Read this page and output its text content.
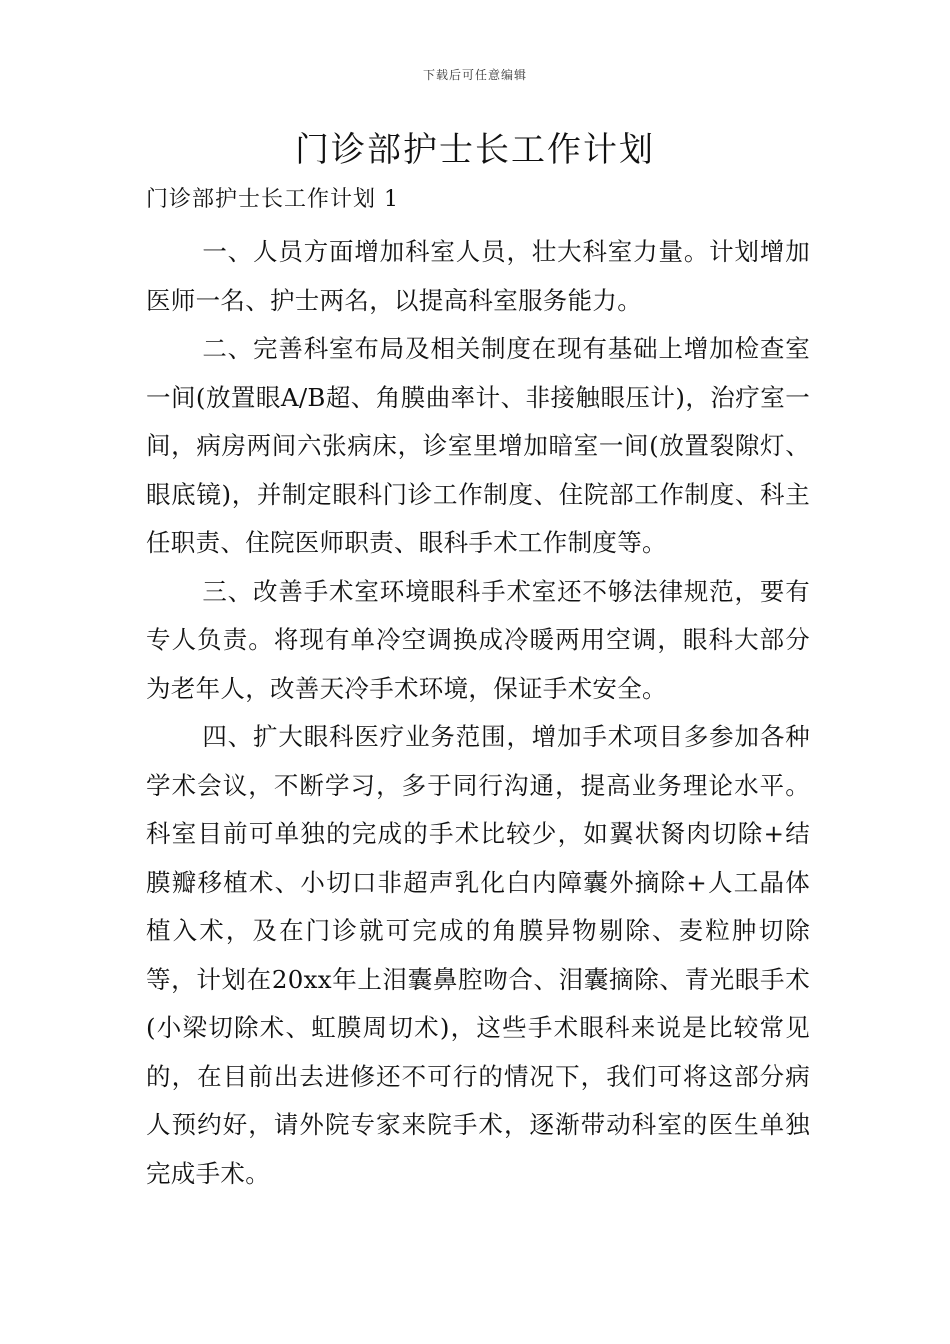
下载后可任意编辑
门诊部护士长工作计划
门诊部护士长工作计划 1

一、人员方面增加科室人员，壮大科室力量。计划增加医师一名、护士两名，以提高科室服务能力。

二、完善科室布局及相关制度在现有基础上增加检查室一间(放置眼A/B超、角膜曲率计、非接触眼压计)，治疗室一间，病房两间六张病床，诊室里增加暗室一间(放置裂隙灯、眼底镜)，并制定眼科门诊工作制度、住院部工作制度、科主任职责、住院医师职责、眼科手术工作制度等。

三、改善手术室环境眼科手术室还不够法律规范，要有专人负责。将现有单冷空调换成冷暖两用空调，眼科大部分为老年人，改善天冷手术环境，保证手术安全。

四、扩大眼科医疗业务范围，增加手术项目多参加各种学术会议，不断学习，多于同行沟通，提高业务理论水平。科室目前可单独的完成的手术比较少，如翼状胬肉切除+结膜瓣移植术、小切口非超声乳化白内障囊外摘除+人工晶体植入术，及在门诊就可完成的角膜异物剔除、麦粒肿切除等，计划在20xx年上泪囊鼻腔吻合、泪囊摘除、青光眼手术(小梁切除术、虹膜周切术)，这些手术眼科来说是比较常见的，在目前出去进修还不可行的情况下，我们可将这部分病人预约好，请外院专家来院手术，逐渐带动科室的医生单独完成手术。
